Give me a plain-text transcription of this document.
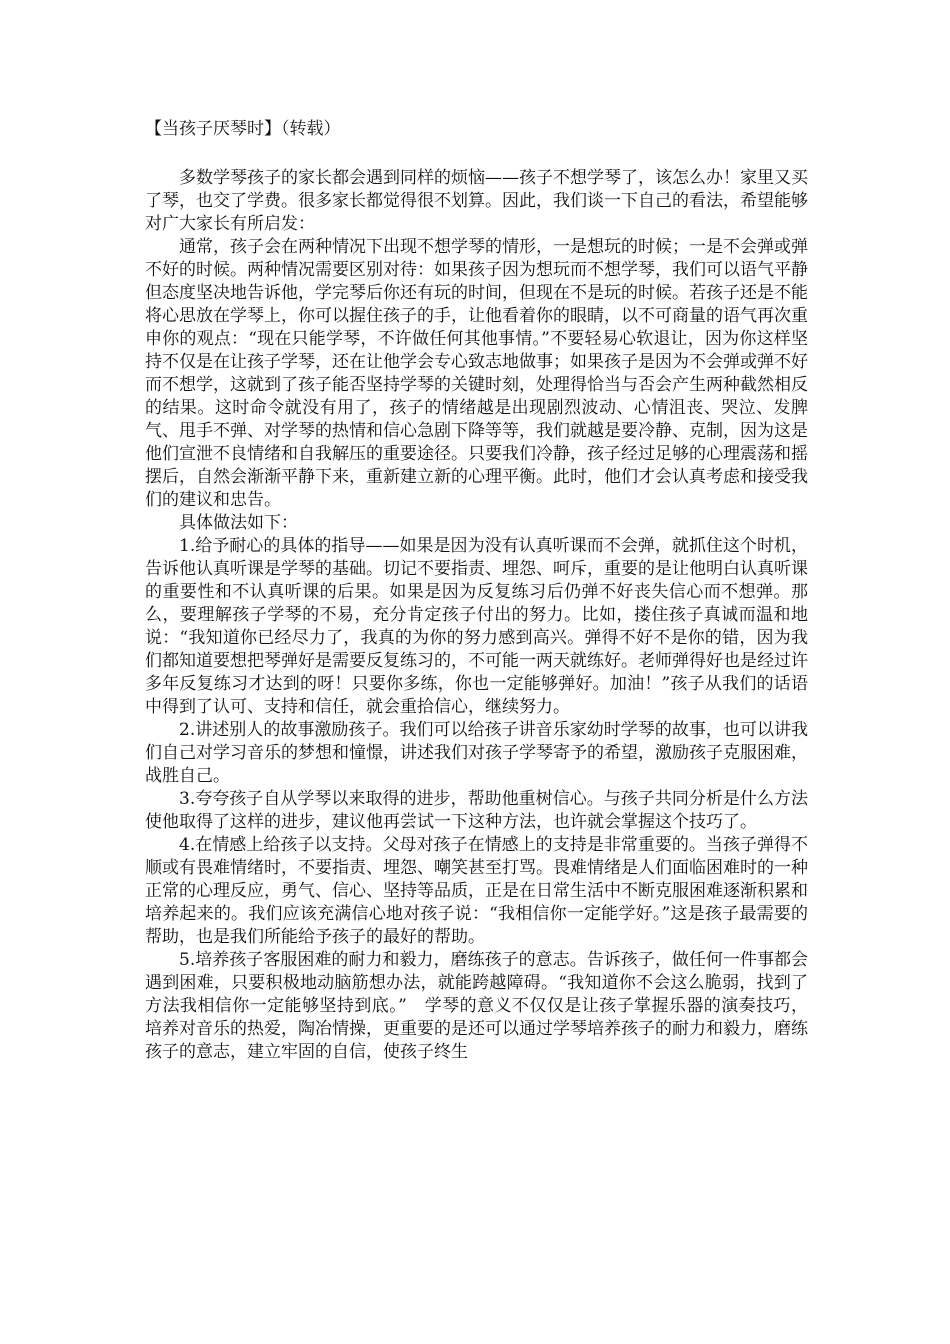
【当孩子厌琴时】（转载）

多数学琴孩子的家长都会遇到同样的烦恼——孩子不想学琴了，该怎么办！家里又买了琴，也交了学费。很多家长都觉得很不划算。因此，我们谈一下自己的看法，希望能够对广大家长有所启发：

通常，孩子会在两种情况下出现不想学琴的情形，一是想玩的时候；一是不会弹或弹不好的时候。两种情况需要区别对待：如果孩子因为想玩而不想学琴，我们可以语气平静但态度坚决地告诉他，学完琴后你还有玩的时间，但现在不是玩的时候。若孩子还是不能将心思放在学琴上，你可以握住孩子的手，让他看着你的眼睛，以不可商量的语气再次重申你的观点：“现在只能学琴，不许做任何其他事情。”不要轻易心软退让，因为你这样坚持不仅是在让孩子学琴，还在让他学会专心致志地做事；如果孩子是因为不会弹或弹不好而不想学，这就到了孩子能否坚持学琴的关键时刻，处理得恰当与否会产生两种截然相反的结果。这时命令就没有用了，孩子的情绪越是出现剧烈波动、心情沮丧、哭泣、发脾气、甩手不弹、对学琴的热情和信心急剧下降等等，我们就越是要冷静、克制，因为这是他们宣泄不良情绪和自我解压的重要途径。只要我们冷静，孩子经过足够的心理震荡和摇摆后，自然会渐渐平静下来，重新建立新的心理平衡。此时，他们才会认真考虑和接受我们的建议和忠告。

具体做法如下：

1.给予耐心的具体的指导——如果是因为没有认真听课而不会弹，就抓住这个时机，告诉他认真听课是学琴的基础。切记不要指责、埋怨、呵斥，重要的是让他明白认真听课的重要性和不认真听课的后果。如果是因为反复练习后仍弹不好丧失信心而不想弹。那么，要理解孩子学琴的不易，充分肯定孩子付出的努力。比如，搂住孩子真诚而温和地说：“我知道你已经尽力了，我真的为你的努力感到高兴。弹得不好不是你的错，因为我们都知道要想把琴弹好是需要反复练习的，不可能一两天就练好。老师弹得好也是经过许多年反复练习才达到的呀！只要你多练，你也一定能够弹好。加油！”孩子从我们的话语中得到了认可、支持和信任，就会重拾信心，继续努力。

2.讲述别人的故事激励孩子。我们可以给孩子讲音乐家幼时学琴的故事，也可以讲我们自己对学习音乐的梦想和憧憬，讲述我们对孩子学琴寄予的希望，激励孩子克服困难，战胜自己。

3.夸夸孩子自从学琴以来取得的进步，帮助他重树信心。与孩子共同分析是什么方法使他取得了这样的进步，建议他再尝试一下这种方法，也许就会掌握这个技巧了。

4.在情感上给孩子以支持。父母对孩子在情感上的支持是非常重要的。当孩子弹得不顺或有畏难情绪时，不要指责、埋怨、嘲笑甚至打骂。畏难情绪是人们面临困难时的一种正常的心理反应，勇气、信心、坚持等品质，正是在日常生活中不断克服困难逐渐积累和培养起来的。我们应该充满信心地对孩子说：“我相信你一定能学好。”这是孩子最需要的帮助，也是我们所能给予孩子的最好的帮助。

5.培养孩子客服困难的耐力和毅力，磨练孩子的意志。告诉孩子，做任何一件事都会遇到困难，只要积极地动脑筋想办法，就能跨越障碍。“我知道你不会这么脆弱，找到了方法我相信你一定能够坚持到底。”　学琴的意义不仅仅是让孩子掌握乐器的演奏技巧，培养对音乐的热爱，陶冶情操，更重要的是还可以通过学琴培养孩子的耐力和毅力，磨练孩子的意志，建立牢固的自信，使孩子终生
